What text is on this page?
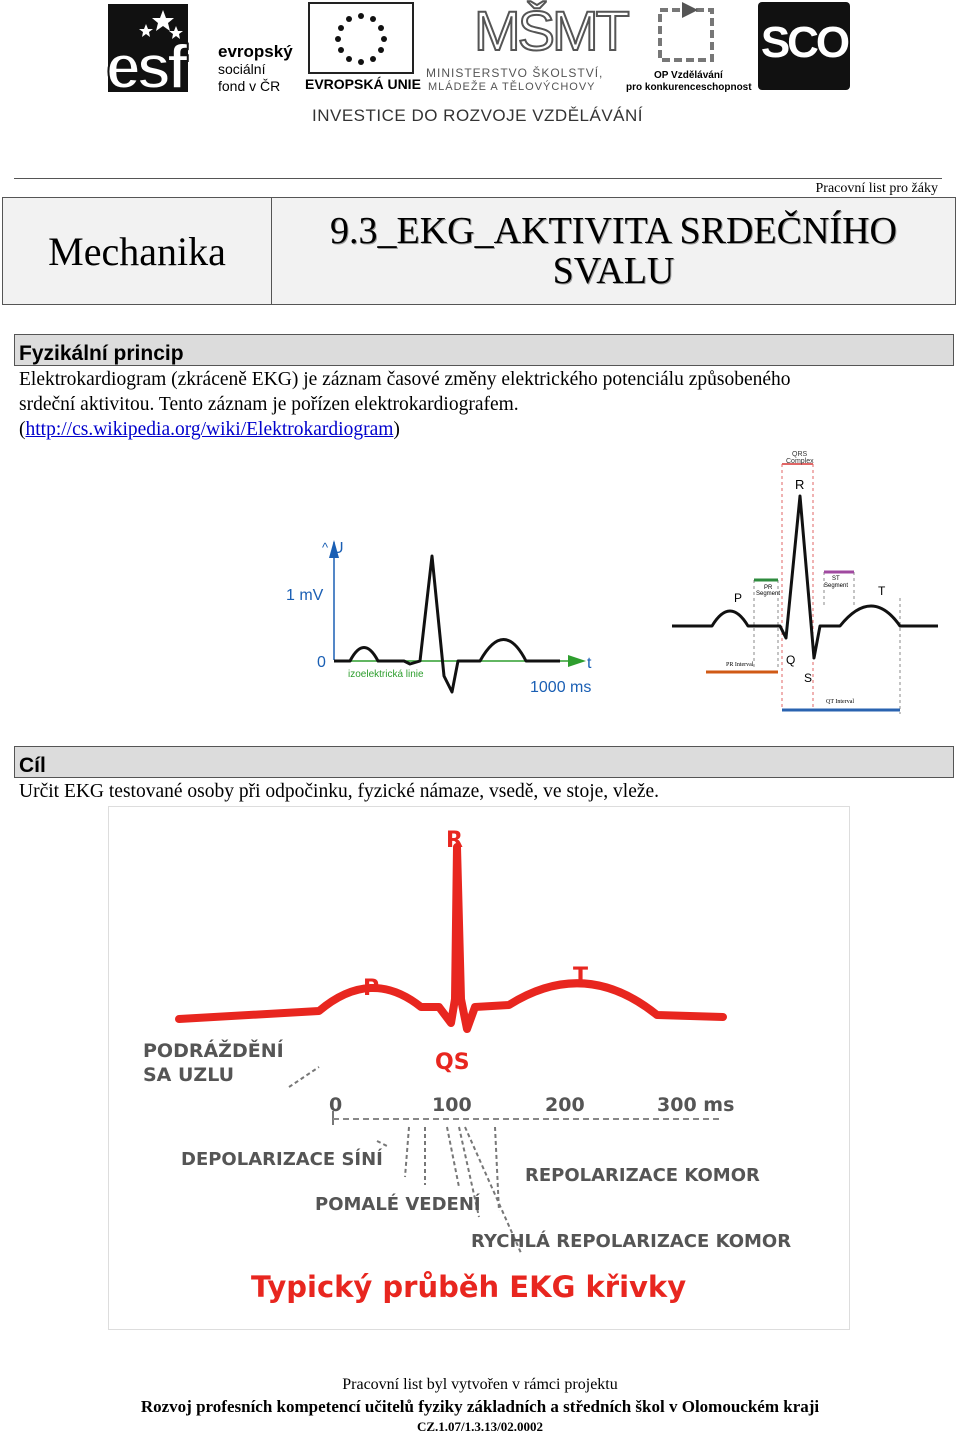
esf evropský
sociální
fond v ČR EVROPSKÁ UNIE
MŠMT
MINISTERSTVO ŠKOLSTVÍ,
MLÁDEŽE A TĚLOVÝCHOVY
OP Vzdělávání
pro konkurenceschopnost
SCO
INVESTICE DO ROZVOJE VZDĚLÁVÁNÍ
Pracovní list pro žáky
Mechanika	9.3_EKG_AKTIVITA SRDEČNÍHO
SVALU
Fyzikální princip
Elektrokardiogram (zkráceně EKG) je záznam časové změny elektrického potenciálu způsobeného
srdeční aktivitou. Tento záznam je pořízen elektrokardiografem.
(http://cs.wikipedia.org/wiki/Elektrokardiogram)
^ U
1 mV
0	t
1000 ms
izoelektrická linie
QRS
Complex
R
P	T
Q
S
PR
Segment
ST
Segment
PR Interval
QT Interval
Cíl
Určit EKG testované osoby při odpočinku, fyzické námaze, vsedě, ve stoje, vleže.
R
P	T
QS
PODRÁŽDĚNÍ
SA UZLU
0	100	200	300 ms
DEPOLARIZACE SÍNÍ
POMALÉ VEDENÍ
REPOLARIZACE KOMOR
RYCHLÁ REPOLARIZACE KOMOR
Typický průběh EKG křivky
Pracovní list byl vytvořen v rámci projektu
Rozvoj profesních kompetencí učitelů fyziky základních a středních škol v Olomouckém kraji
CZ.1.07/1.3.13/02.0002
